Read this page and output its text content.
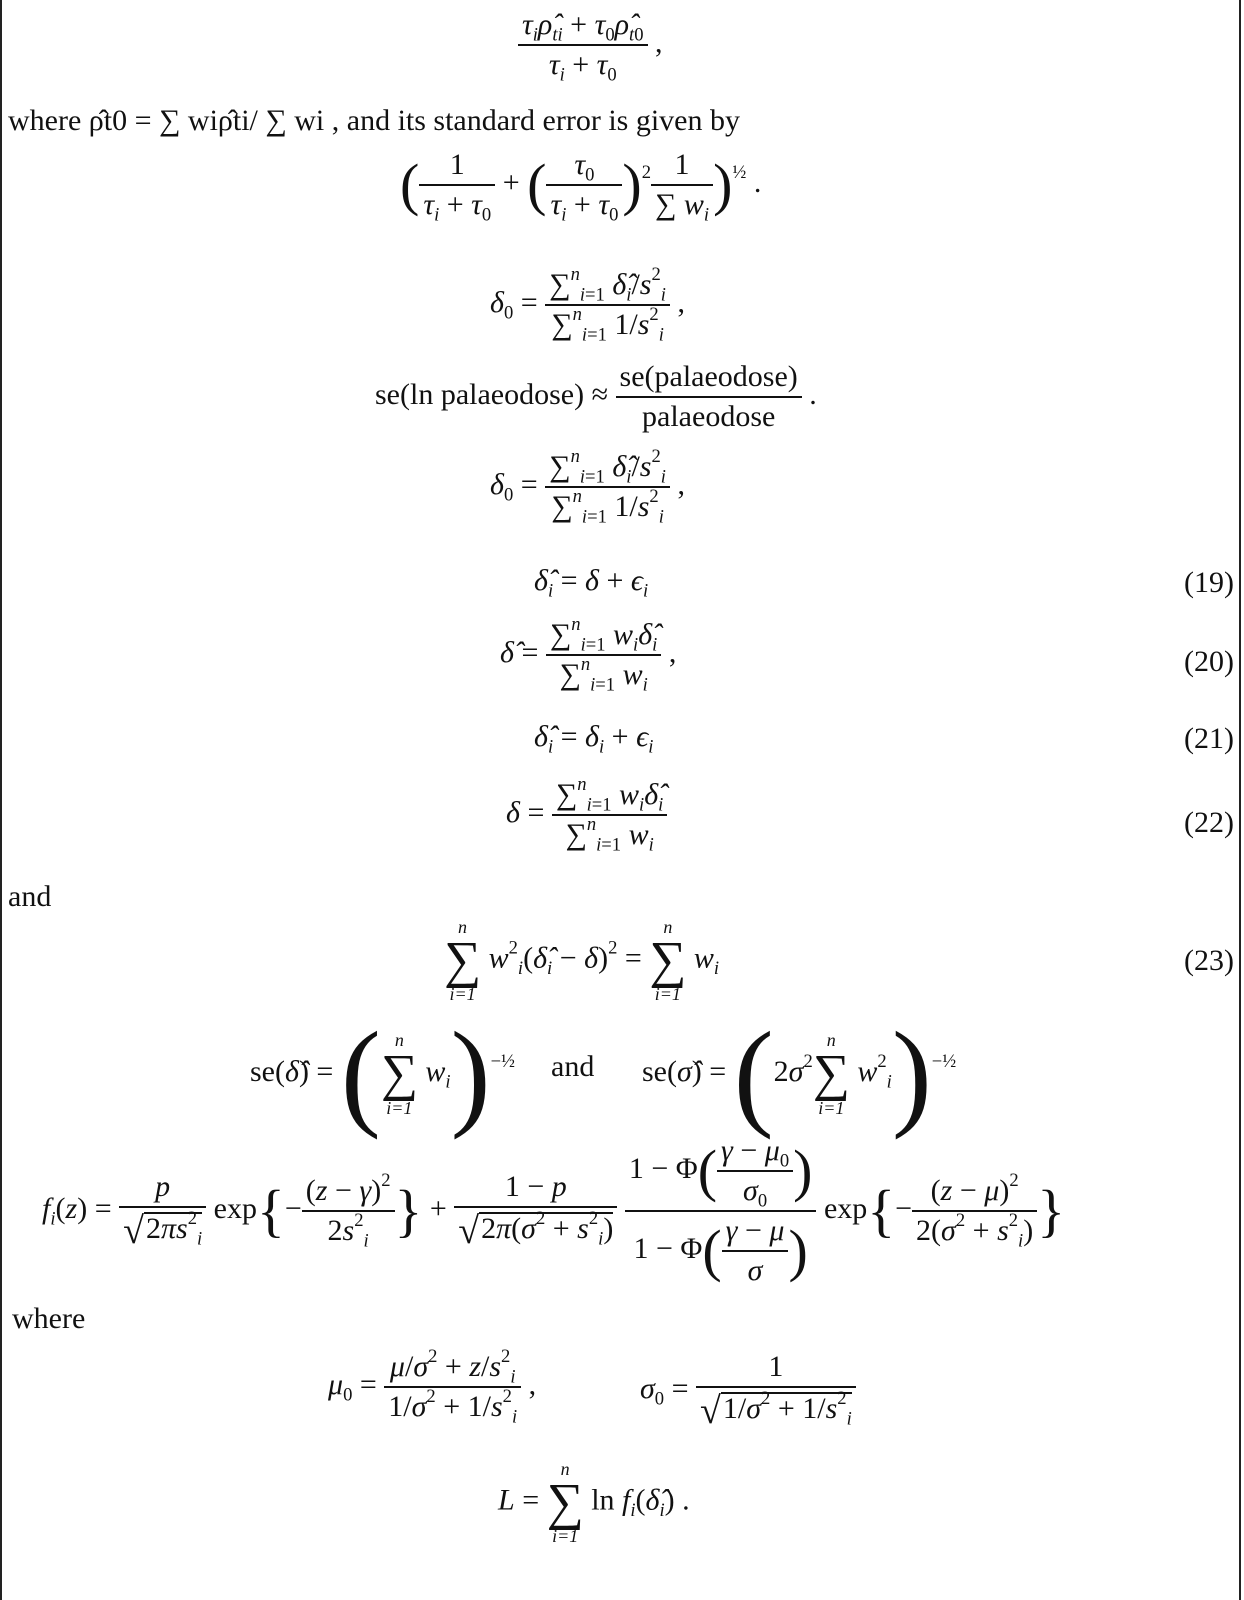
$\frac{\tau_i\rhô_{ti} + \tau_0\rhô_{t0}}{\tau_i + \tau_0}$ ,
where ρ̂t0 = ∑ wiρ̂ti/ ∑ wi , and its standard error is given by
( $\frac{1}{\tau_i + \tau_0}$ + ( $\frac{\tau_0}{\tau_i + \tau_0} )^2 \frac{1}{\sum w_i} )^{\frac{1}{2}}$ .
$\delta_0 = \frac{\sum^n_{i=1} \deltâ_i/s^2_i}{\sum^n_{i=1} 1/s^2_i}$ ,
se(ln palaeodose) ≈ $\frac{\text{se(palaeodose)}}{\text{palaeodose}}$ .
$\delta_0 = \frac{\sum^n_{i=1} \deltâ_i/s^2_i}{\sum^n_{i=1} 1/s^2_i}$ ,
$\deltâ_i = \delta + \epsilon_i$	(19)
δ̂ = $\frac{\sum^n_{i=1} w_i\deltâ_i}{\sum^n_{i=1} w_i}$ ,	(20)
$\deltâ_i = \delta_i + \epsilon_i$	(21)
$\delta = \frac{\sum^n_{i=1} w_i\deltâ_i}{\sum^n_{i=1} w_i}$	(22)
and
n
∑
i=1
$w^2_i(\deltâ_i - \delta)^2$ =
n
∑
i=1
$w_i$	(23)
se(δ̂) = ( n
∑
i=1
$w_i)^{-\frac{1}{2}}$ and se(σ̂) = ($2\sigma^2$
n
∑
i=1
$w^2_i)^{-\frac{1}{2}}$
$f_i(z) = \frac{p}{√2\pi s^2_i} \exp\{- \frac{(z - \gamma)^2}{2s^2_i}$ } + $\frac{1 - p}{√2\pi(\sigma^2 + s^2_i)}$
$\frac{1 - \Phi( \frac{\gamma - \mu_0}{\sigma_0} )}{1 - \Phi( \frac{\gamma - \mu}{\sigma} )} \exp\{- \frac{(z - \mu)^2}{2(\sigma^2 + s^2_i)}$ }
where
$\mu_0 = \frac{\mu/\sigma^2 + z/s^2_i}{1/\sigma^2 + 1/s^2_i}$ ,	$\sigma_0 = \frac{1}{√1/\sigma^2 + 1/s^2_i}$
L =
n
∑
i=1
$\ln f_i(\deltâ_i)$ .
